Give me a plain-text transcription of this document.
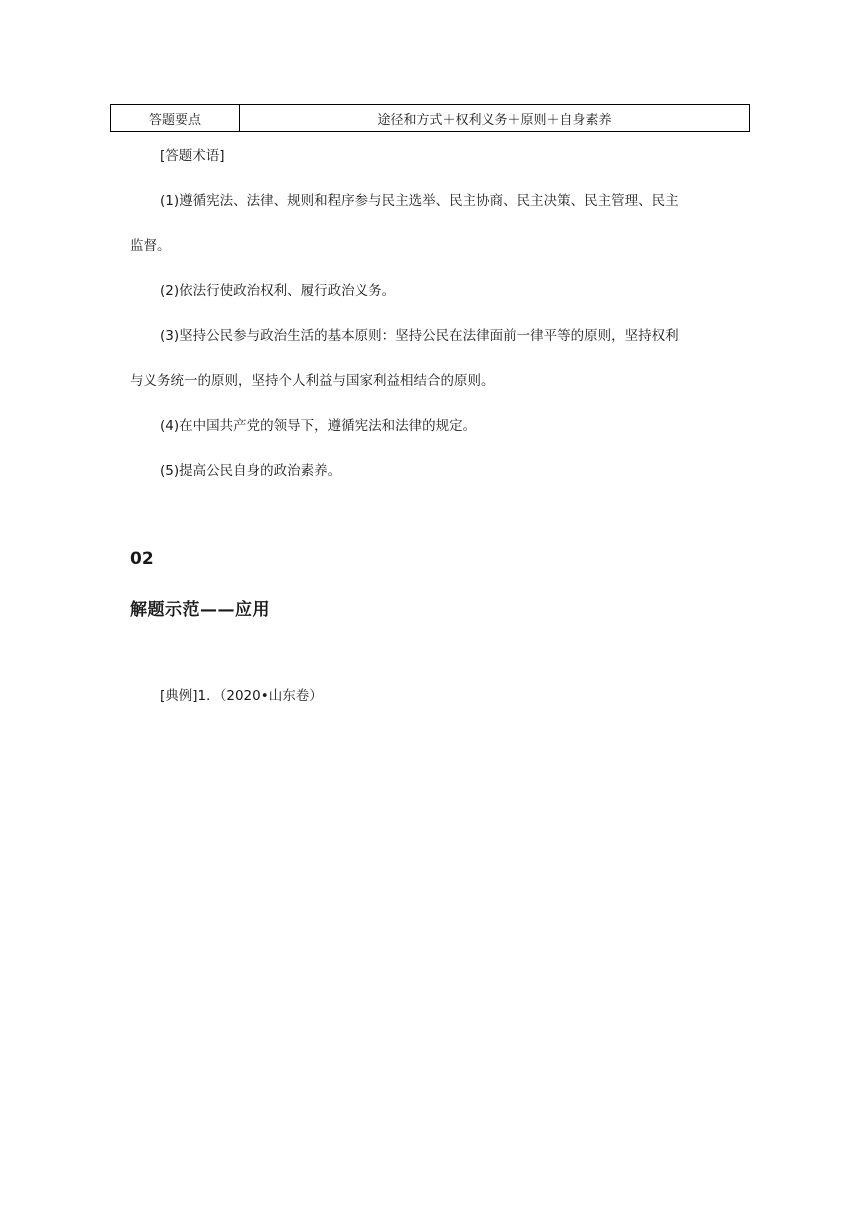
答题要点	途径和方式＋权利义务＋原则＋自身素养

[答题术语]

(1)遵循宪法、法律、规则和程序参与民主选举、民主协商、民主决策、民主管理、民主

监督。

(2)依法行使政治权利、履行政治义务。

(3)坚持公民参与政治生活的基本原则：坚持公民在法律面前一律平等的原则，坚持权利

与义务统一的原则，坚持个人利益与国家利益相结合的原则。

(4)在中国共产党的领导下，遵循宪法和法律的规定。

(5)提高公民自身的政治素养。

02

解题示范——应用

[典例]1．（2020•山东卷）
